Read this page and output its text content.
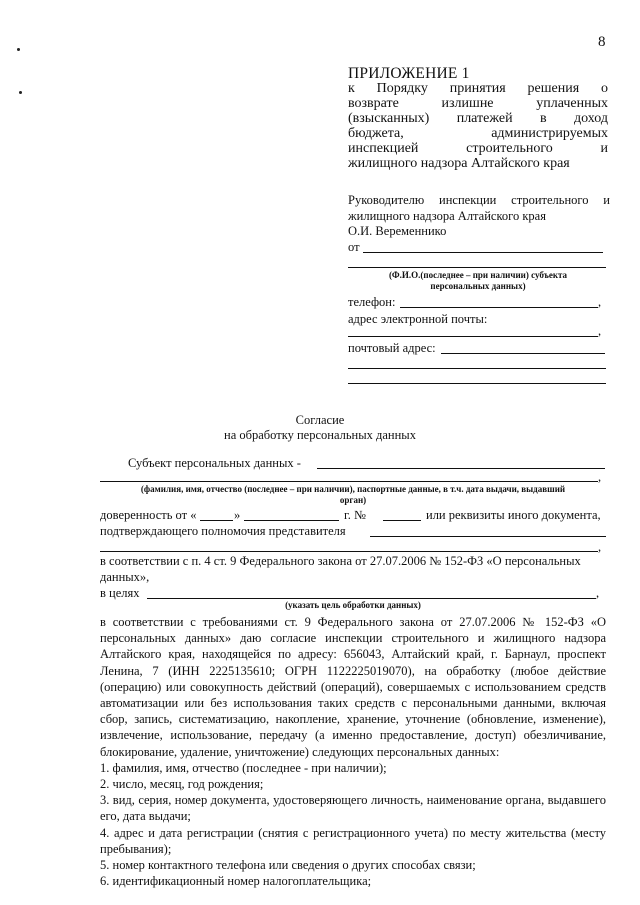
8
ПРИЛОЖЕНИЕ 1
к Порядку принятия решения о
возврате излишне уплаченных
(взысканных) платежей в доход
бюджета, администрируемых
инспекцией строительного и
жилищного надзора Алтайского края
Руководителю инспекции строительного и
жилищного надзора Алтайского края
О.И. Веременнико
от
(Ф.И.О.(последнее – при наличии) субъекта
персональных данных)
телефон:	,
адрес электронной почты:
,
почтовый адрес:
Согласие
на обработку персональных данных
Субъект персональных данных -
,
(фамилия, имя, отчество (последнее – при наличии), паспортные данные, в т.ч. дата выдачи, выдавший
орган)
доверенность от «	»	г. №	или реквизиты иного документа,
подтверждающего полномочия представителя
,
в соответствии с п. 4 ст. 9 Федерального закона от 27.07.2006 № 152-ФЗ «О персональных
данных»,
в целях	,
(указать цель обработки данных)

в соответствии с требованиями ст. 9 Федерального закона от 27.07.2006 № 152-ФЗ «О персональных данных» даю согласие инспекции строительного и жилищного надзора Алтайского края, находящейся по адресу: 656043, Алтайский край, г. Барнаул, проспект Ленина, 7 (ИНН 2225135610; ОГРН 1122225019070), на обработку (любое действие (операцию) или совокупность действий (операций), совершаемых с использованием средств автоматизации или без использования таких средств с персональными данными, включая сбор, запись, систематизацию, накопление, хранение, уточнение (обновление, изменение), извлечение, использование, передачу (а именно предоставление, доступ) обезличивание, блокирование, удаление, уничтожение) следующих персональных данных:

1. фамилия, имя, отчество (последнее - при наличии);

2. число, месяц, год рождения;

3. вид, серия, номер документа, удостоверяющего личность, наименование органа, выдавшего его, дата выдачи;

4. адрес и дата регистрации (снятия с регистрационного учета) по месту жительства (месту пребывания);

5. номер контактного телефона или сведения о других способах связи;

6. идентификационный номер налогоплательщика;
